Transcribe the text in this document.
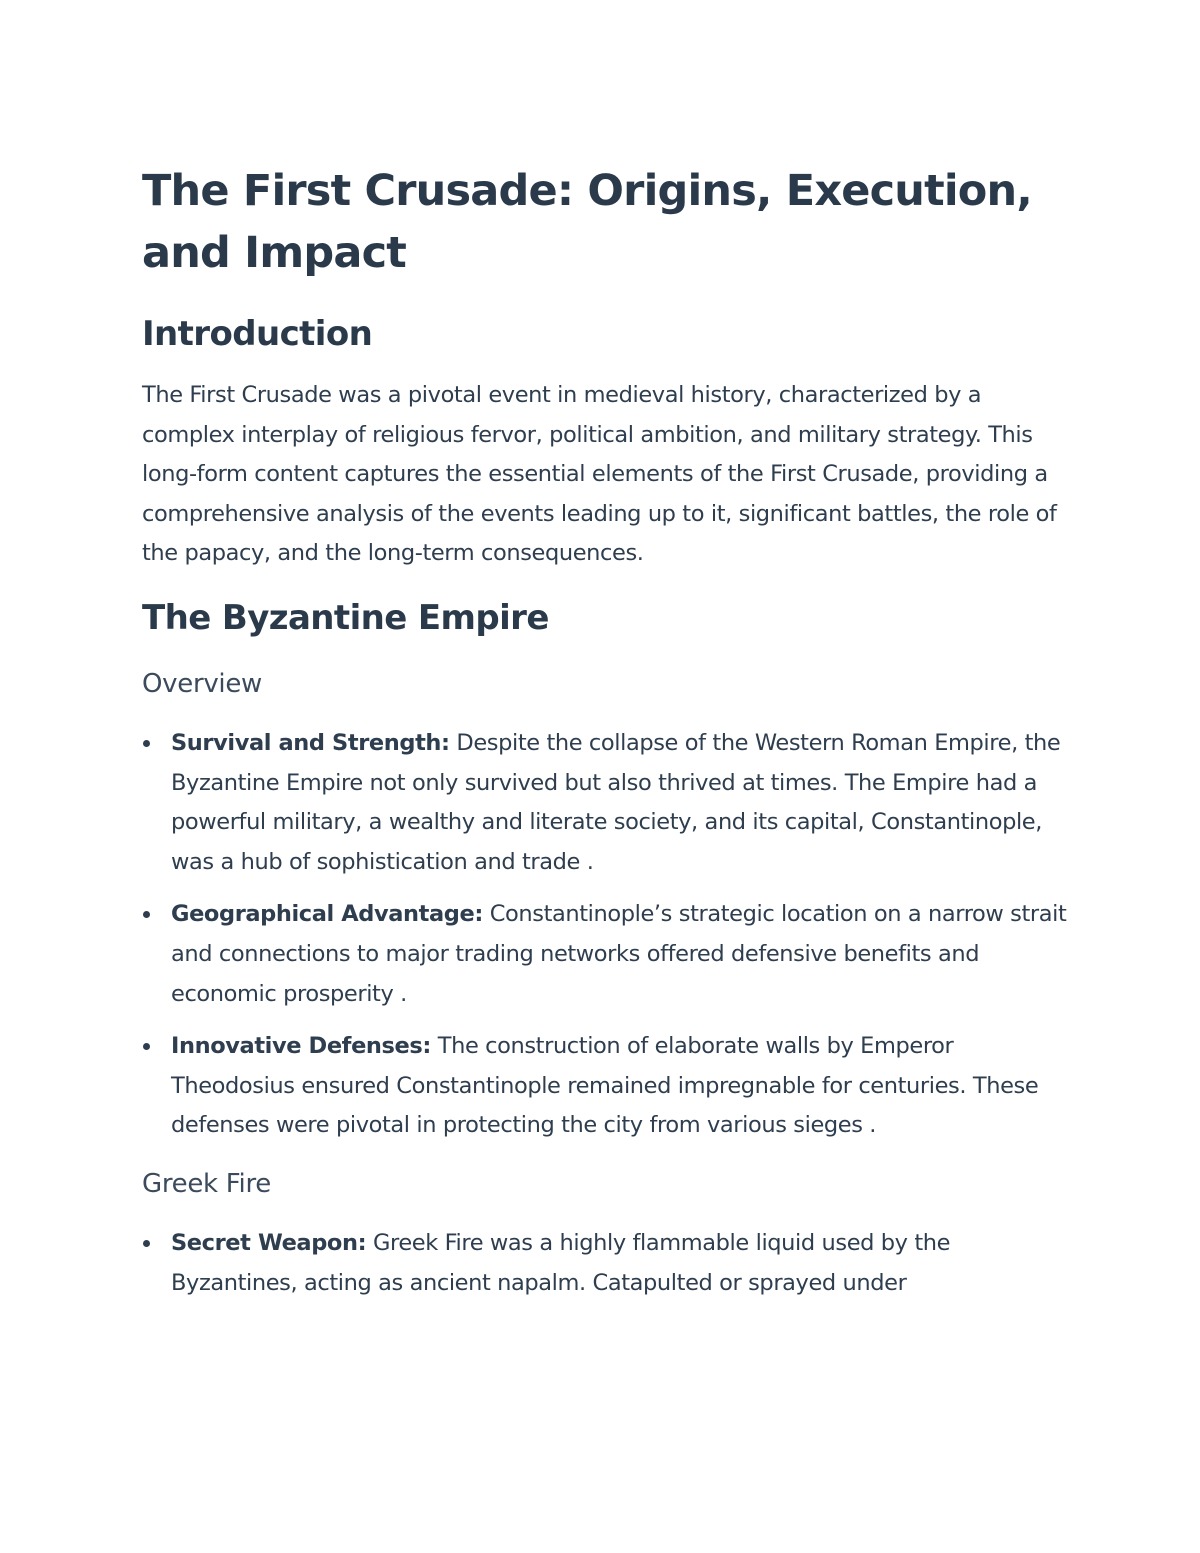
The First Crusade: Origins, Execution, and Impact
Introduction

The First Crusade was a pivotal event in medieval history, characterized by a complex interplay of religious fervor, political ambition, and military strategy. This long-form content captures the essential elements of the First Crusade, providing a comprehensive analysis of the events leading up to it, significant battles, the role of the papacy, and the long-term consequences.

The Byzantine Empire
Overview
Survival and Strength: Despite the collapse of the Western Roman Empire, the Byzantine Empire not only survived but also thrived at times. The Empire had a powerful military, a wealthy and literate society, and its capital, Constantinople, was a hub of sophistication and trade .
Geographical Advantage: Constantinople’s strategic location on a narrow strait and connections to major trading networks offered defensive benefits and economic prosperity .
Innovative Defenses: The construction of elaborate walls by Emperor Theodosius ensured Constantinople remained impregnable for centuries. These defenses were pivotal in protecting the city from various sieges .
Greek Fire
Secret Weapon: Greek Fire was a highly flammable liquid used by the Byzantines, acting as ancient napalm. Catapulted or sprayed under
